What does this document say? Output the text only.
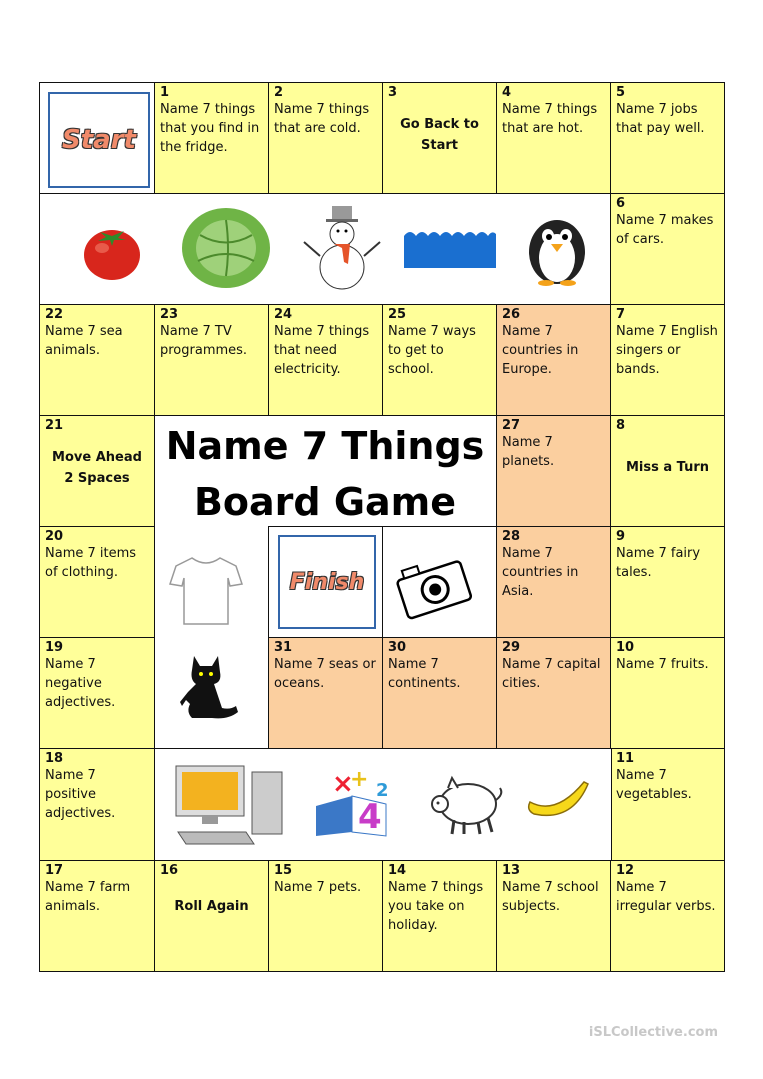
Start
1
Name 7 things that you find in the fridge.
2
Name 7 things that are cold.
3
Go Back to Start
4
Name 7 things that are hot.
5
Name 7 jobs that pay well.
6
Name 7 makes of cars.
22
Name 7 sea animals.
23
Name 7 TV programmes.
24
Name 7 things that need electricity.
25
Name 7 ways to get to school.
26
Name 7 countries in Europe.
7
Name 7 English singers or bands.
Name 7 Things
Board Game
21
Move Ahead 2 Spaces
20
Name 7 items of clothing.
19
Name 7 negative adjectives.
18
Name 7 positive adjectives.
27
Name 7 planets.
28
Name 7 countries in Asia.
29
Name 7 capital cities.
8
Miss a Turn
9
Name 7 fairy tales.
10
Name 7 fruits.
11
Name 7 vegetables.
Finish
31
Name 7 seas or oceans.
30
Name 7 continents.
×
+
4
2
17
Name 7 farm animals.
16
Roll Again
15
Name 7 pets.
14
Name 7 things you take on holiday.
13
Name 7 school subjects.
12
Name 7 irregular verbs.
iSLCollective.com
